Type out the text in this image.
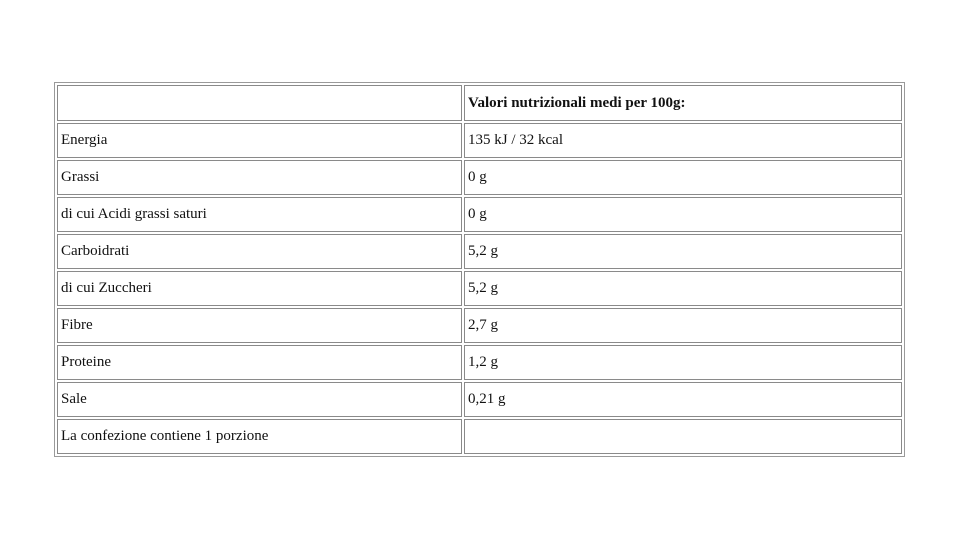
	Valori nutrizionali medi per 100g:
Energia	135 kJ / 32 kcal
Grassi	0 g
di cui Acidi grassi saturi	0 g
Carboidrati	5,2 g
di cui Zuccheri	5,2 g
Fibre	2,7 g
Proteine	1,2 g
Sale	0,21 g
La confezione contiene 1 porzione	
